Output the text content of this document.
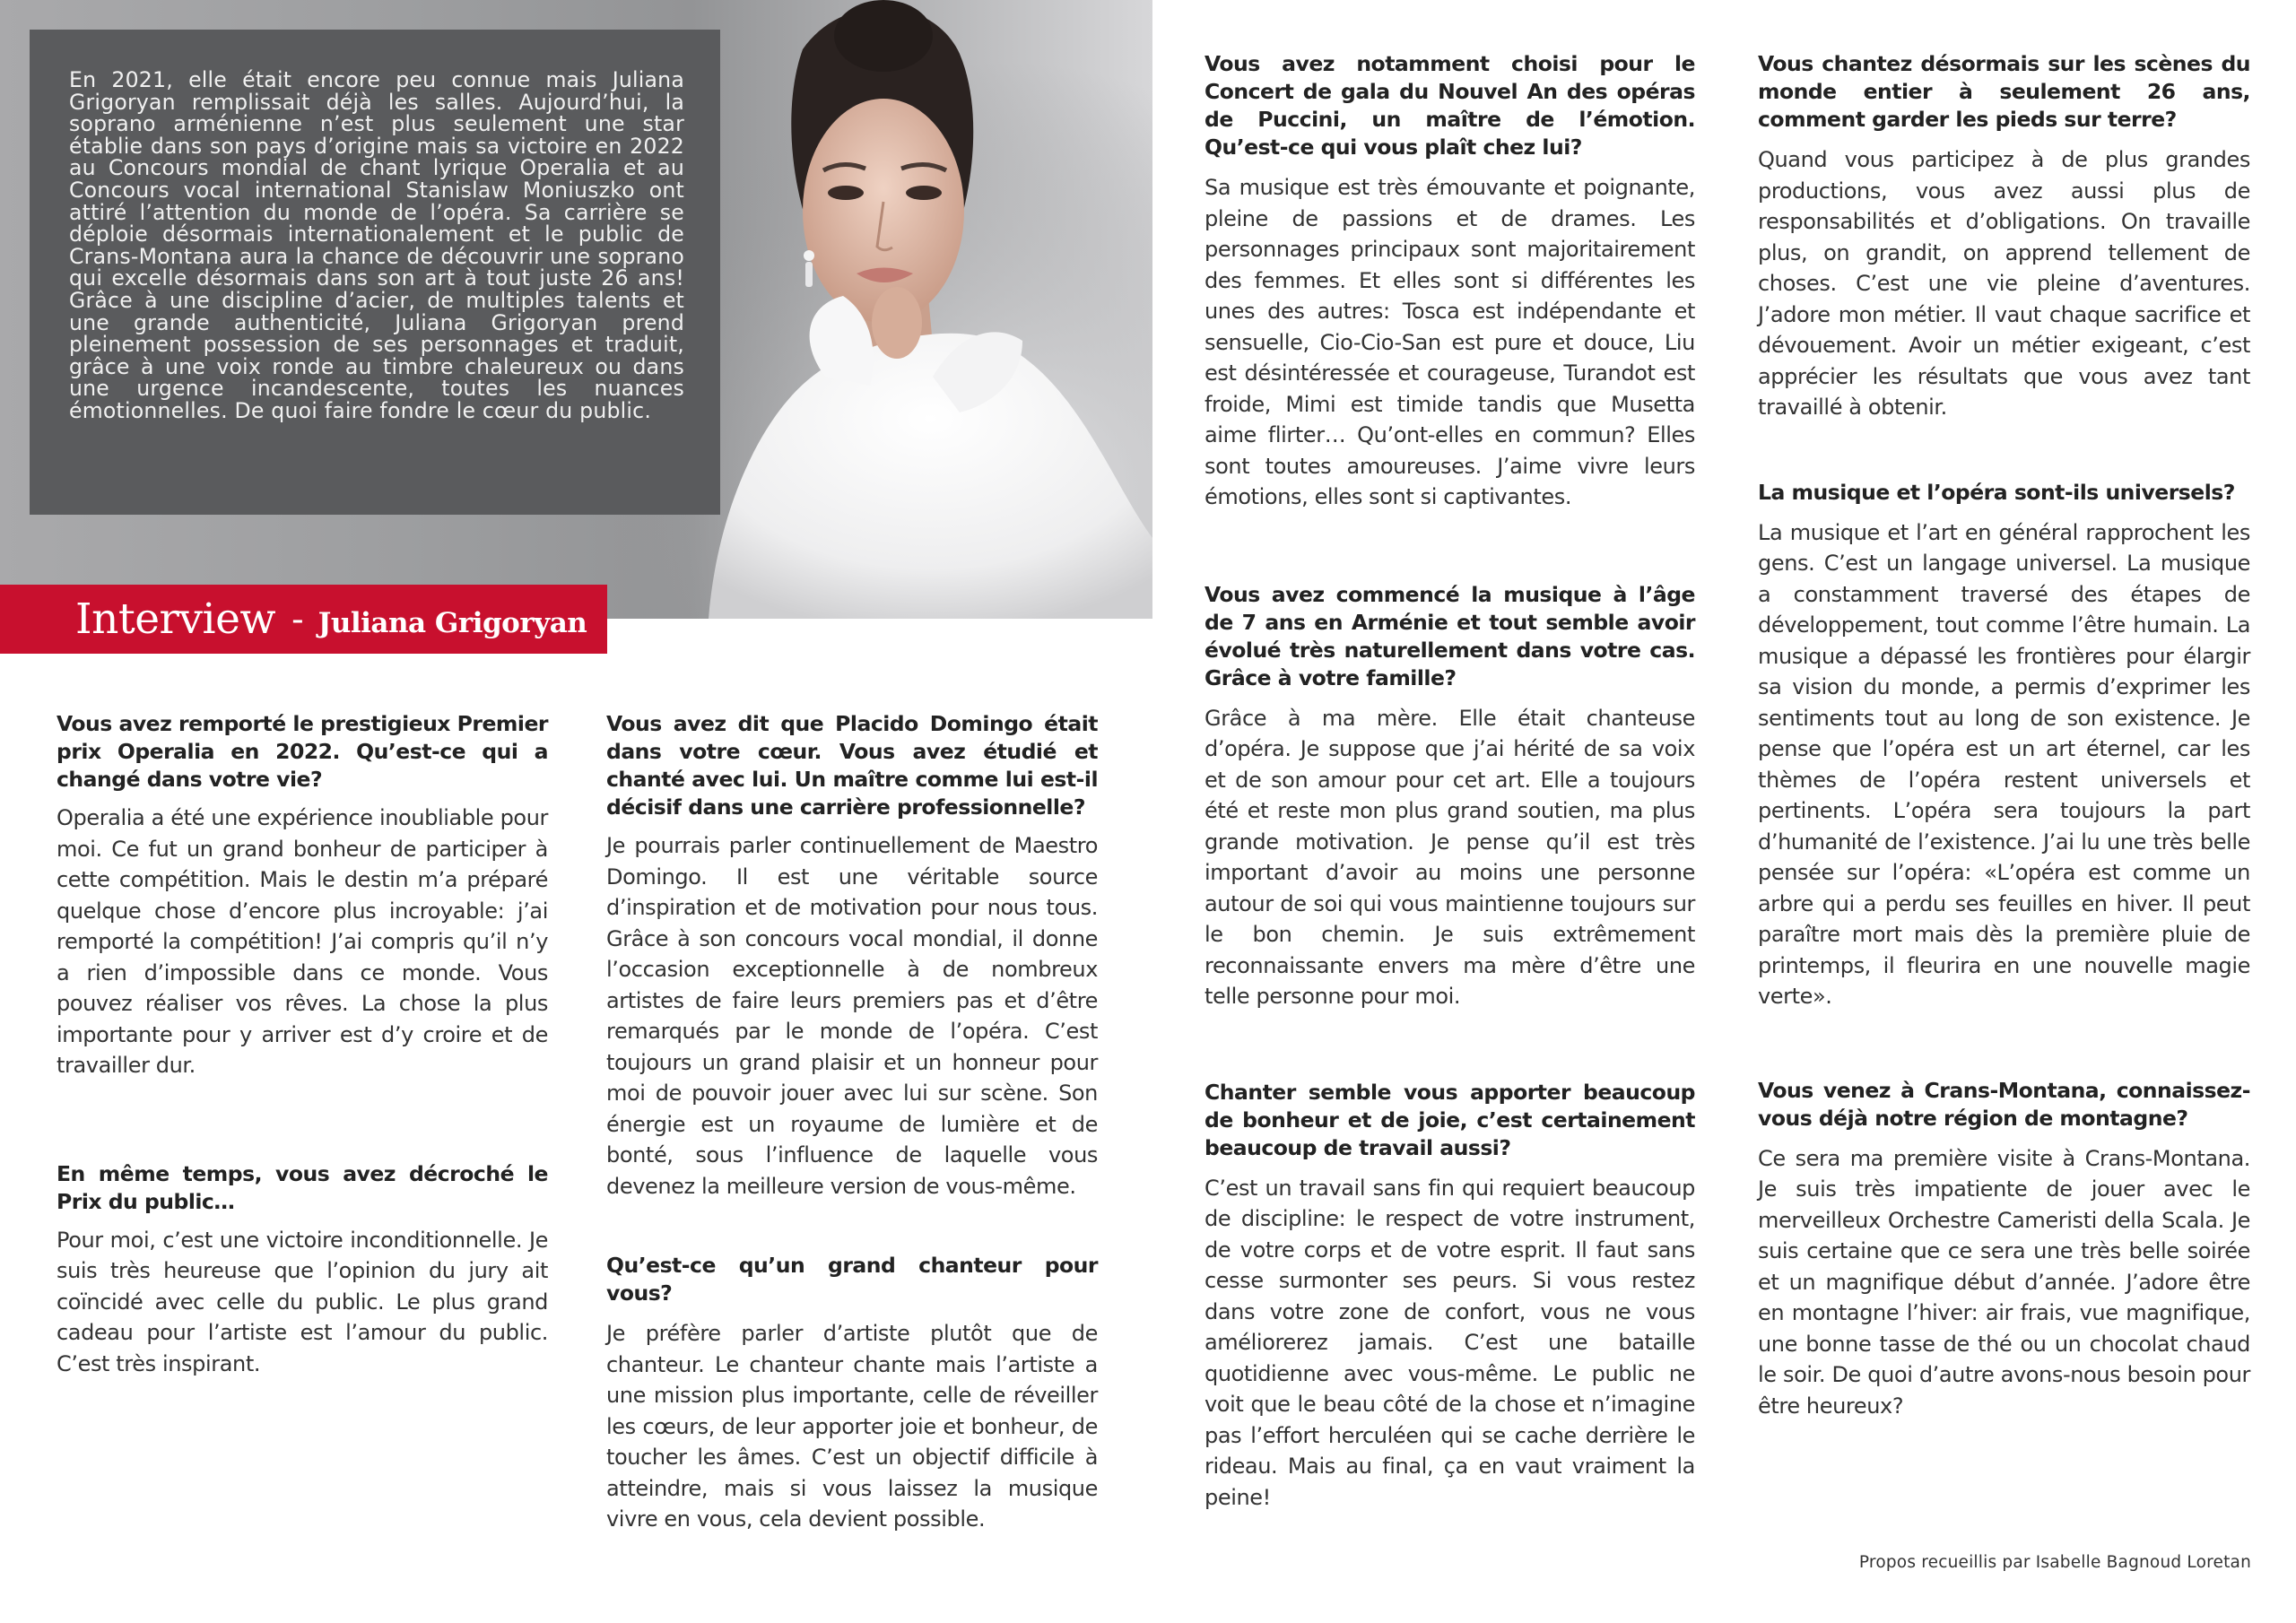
En 2021, elle était encore peu connue mais Juliana Grigoryan remplissait déjà les salles. Aujourd’hui, la soprano arménienne n’est plus seulement une star établie dans son pays d’origine mais sa victoire en 2022 au Concours mondial de chant lyrique Operalia et au Concours vocal international Stanislaw Moniuszko ont attiré l’attention du monde de l’opéra. Sa carrière se déploie désormais internationalement et le public de Crans-Montana aura la chance de découvrir une soprano qui excelle désormais dans son art à tout juste 26 ans! Grâce à une discipline d’acier, de multiples talents et une grande authenticité, Juliana Grigoryan prend pleinement possession de ses personnages et traduit, grâce à une voix ronde au timbre chaleureux ou dans une urgence incandescente, toutes les nuances émotionnelles. De quoi faire fondre le cœur du public.

Interview - Juliana Grigoryan

Vous avez remporté le prestigieux Premier prix Operalia en 2022. Qu’est-ce qui a changé dans votre vie?

Operalia a été une expérience inoubliable pour moi. Ce fut un grand bonheur de participer à cette compétition. Mais le destin m’a préparé quelque chose d’encore plus incroyable: j’ai remporté la compétition! J’ai compris qu’il n’y a rien d’impossible dans ce monde. Vous pouvez réaliser vos rêves. La chose la plus importante pour y arriver est d’y croire et de travailler dur.

En même temps, vous avez décroché le Prix du public…

Pour moi, c’est une victoire inconditionnelle. Je suis très heureuse que l’opinion du jury ait coïncidé avec celle du public. Le plus grand cadeau pour l’artiste est l’amour du public. C’est très inspirant.

Vous avez dit que Placido Domingo était dans votre cœur. Vous avez étudié et chanté avec lui. Un maître comme lui est-il décisif dans une carrière professionnelle?

Je pourrais parler continuellement de Maestro Domingo. Il est une véritable source d’inspiration et de motivation pour nous tous. Grâce à son concours vocal mondial, il donne l’occasion exceptionnelle à de nombreux artistes de faire leurs premiers pas et d’être remarqués par le monde de l’opéra. C’est toujours un grand plaisir et un honneur pour moi de pouvoir jouer avec lui sur scène. Son énergie est un royaume de lumière et de bonté, sous l’influence de laquelle vous devenez la meilleure version de vous-même.

Qu’est-ce qu’un grand chanteur pour vous?

Je préfère parler d’artiste plutôt que de chanteur. Le chanteur chante mais l’artiste a une mission plus importante, celle de réveiller les cœurs, de leur apporter joie et bonheur, de toucher les âmes. C’est un objectif difficile à atteindre, mais si vous laissez la musique vivre en vous, cela devient possible.

Vous avez notamment choisi pour le Concert de gala du Nouvel An des opéras de Puccini, un maître de l’émotion. Qu’est-ce qui vous plaît chez lui?

Sa musique est très émouvante et poignante, pleine de passions et de drames. Les personnages principaux sont majoritairement des femmes. Et elles sont si différentes les unes des autres: Tosca est indépendante et sensuelle, Cio-Cio-San est pure et douce, Liu est désintéressée et courageuse, Turandot est froide, Mimi est timide tandis que Musetta aime flirter… Qu’ont-elles en commun? Elles sont toutes amoureuses. J’aime vivre leurs émotions, elles sont si captivantes.

Vous avez commencé la musique à l’âge de 7 ans en Arménie et tout semble avoir évolué très naturellement dans votre cas. Grâce à votre famille?

Grâce à ma mère. Elle était chanteuse d’opéra. Je suppose que j’ai hérité de sa voix et de son amour pour cet art. Elle a toujours été et reste mon plus grand soutien, ma plus grande motivation. Je pense qu’il est très important d’avoir au moins une personne autour de soi qui vous maintienne toujours sur le bon chemin. Je suis extrêmement reconnaissante envers ma mère d’être une telle personne pour moi.

Chanter semble vous apporter beaucoup de bonheur et de joie, c’est certainement beaucoup de travail aussi?

C’est un travail sans fin qui requiert beaucoup de discipline: le respect de votre instrument, de votre corps et de votre esprit. Il faut sans cesse surmonter ses peurs. Si vous restez dans votre zone de confort, vous ne vous améliorerez jamais. C’est une bataille quotidienne avec vous-même. Le public ne voit que le beau côté de la chose et n’imagine pas l’effort herculéen qui se cache derrière le rideau. Mais au final, ça en vaut vraiment la peine!

Vous chantez désormais sur les scènes du monde entier à seulement 26 ans, comment garder les pieds sur terre?

Quand vous participez à de plus grandes productions, vous avez aussi plus de responsabilités et d’obligations. On travaille plus, on grandit, on apprend tellement de choses. C’est une vie pleine d’aventures. J’adore mon métier. Il vaut chaque sacrifice et dévouement. Avoir un métier exigeant, c’est apprécier les résultats que vous avez tant travaillé à obtenir.

La musique et l’opéra sont-ils universels?

La musique et l’art en général rapprochent les gens. C’est un langage universel. La musique a constamment traversé des étapes de développement, tout comme l’être humain. La musique a dépassé les frontières pour élargir sa vision du monde, a permis d’exprimer les sentiments tout au long de son existence. Je pense que l’opéra est un art éternel, car les thèmes de l’opéra restent universels et pertinents. L’opéra sera toujours la part d’humanité de l’existence. J’ai lu une très belle pensée sur l’opéra: «L’opéra est comme un arbre qui a perdu ses feuilles en hiver. Il peut paraître mort mais dès la première pluie de printemps, il fleurira en une nouvelle magie verte».

Vous venez à Crans-Montana, connaissez-vous déjà notre région de montagne?

Ce sera ma première visite à Crans-Montana. Je suis très impatiente de jouer avec le merveilleux Orchestre Cameristi della Scala. Je suis certaine que ce sera une très belle soirée et un magnifique début d’année. J’adore être en montagne l’hiver: air frais, vue magnifique, une bonne tasse de thé ou un chocolat chaud le soir. De quoi d’autre avons-nous besoin pour être heureux?

Propos recueillis par Isabelle Bagnoud Loretan
